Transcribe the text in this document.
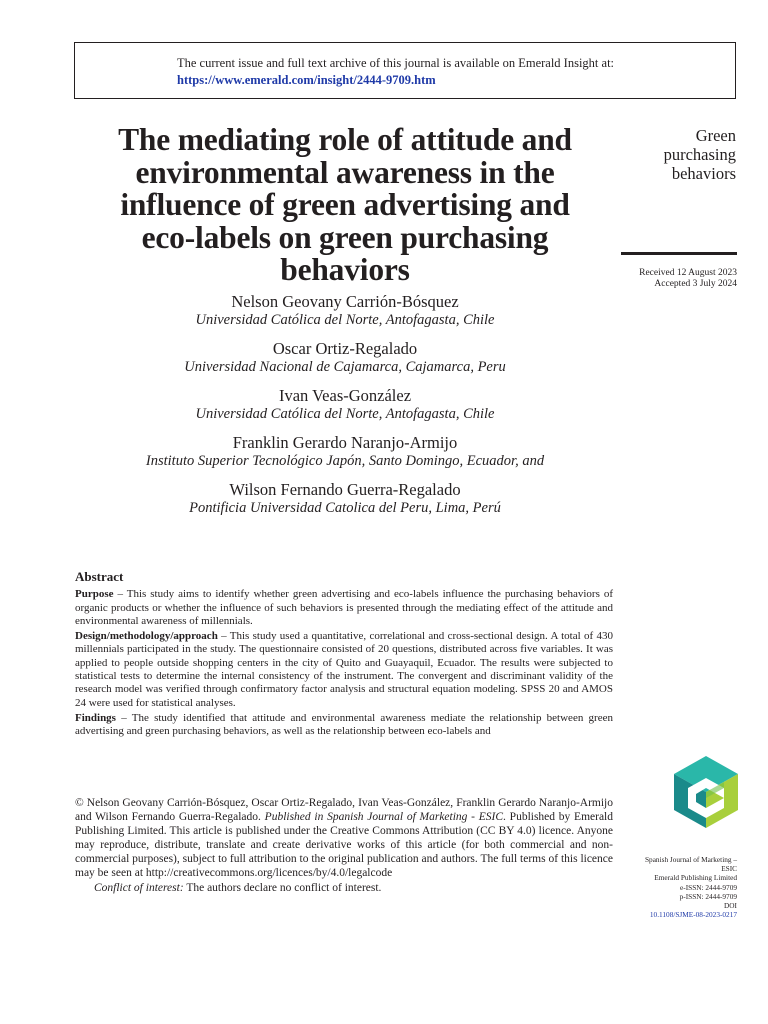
The current issue and full text archive of this journal is available on Emerald Insight at:
https://www.emerald.com/insight/2444-9709.htm
The mediating role of attitude and
environmental awareness in the
influence of green advertising and
eco-labels on green purchasing
behaviors
Green
purchasing
behaviors
Received 12 August 2023
Accepted 3 July 2024
Nelson Geovany Carrión-Bósquez
Universidad Católica del Norte, Antofagasta, Chile
Oscar Ortiz-Regalado
Universidad Nacional de Cajamarca, Cajamarca, Peru
Ivan Veas-González
Universidad Católica del Norte, Antofagasta, Chile
Franklin Gerardo Naranjo-Armijo
Instituto Superior Tecnológico Japón, Santo Domingo, Ecuador, and
Wilson Fernando Guerra-Regalado
Pontificia Universidad Catolica del Peru, Lima, Perú
Abstract

Purpose – This study aims to identify whether green advertising and eco-labels influence the purchasing behaviors of organic products or whether the influence of such behaviors is presented through the mediating effect of the attitude and environmental awareness of millennials.

Design/methodology/approach – This study used a quantitative, correlational and cross-sectional design. A total of 430 millennials participated in the study. The questionnaire consisted of 20 questions, distributed across five variables. It was applied to people outside shopping centers in the city of Quito and Guayaquil, Ecuador. The results were subjected to statistical tests to determine the internal consistency of the instrument. The convergent and discriminant validity of the research model was verified through confirmatory factor analysis and structural equation modeling. SPSS 20 and AMOS 24 were used for statistical analyses.

Findings – The study identified that attitude and environmental awareness mediate the relationship between green advertising and green purchasing behaviors, as well as the relationship between eco-labels and

© Nelson Geovany Carrión-Bósquez, Oscar Ortiz-Regalado, Ivan Veas-González, Franklin Gerardo Naranjo-Armijo and Wilson Fernando Guerra-Regalado. Published in Spanish Journal of Marketing - ESIC. Published by Emerald Publishing Limited. This article is published under the Creative Commons Attribution (CC BY 4.0) licence. Anyone may reproduce, distribute, translate and create derivative works of this article (for both commercial and non-commercial purposes), subject to full attribution to the original publication and authors. The full terms of this licence may be seen at http://creativecommons.org/licences/by/4.0/legalcode

Conflict of interest: The authors declare no conflict of interest.

Spanish Journal of Marketing –
ESIC
Emerald Publishing Limited
e-ISSN: 2444-9709
p-ISSN: 2444-9709
DOI
10.1108/SJME-08-2023-0217
